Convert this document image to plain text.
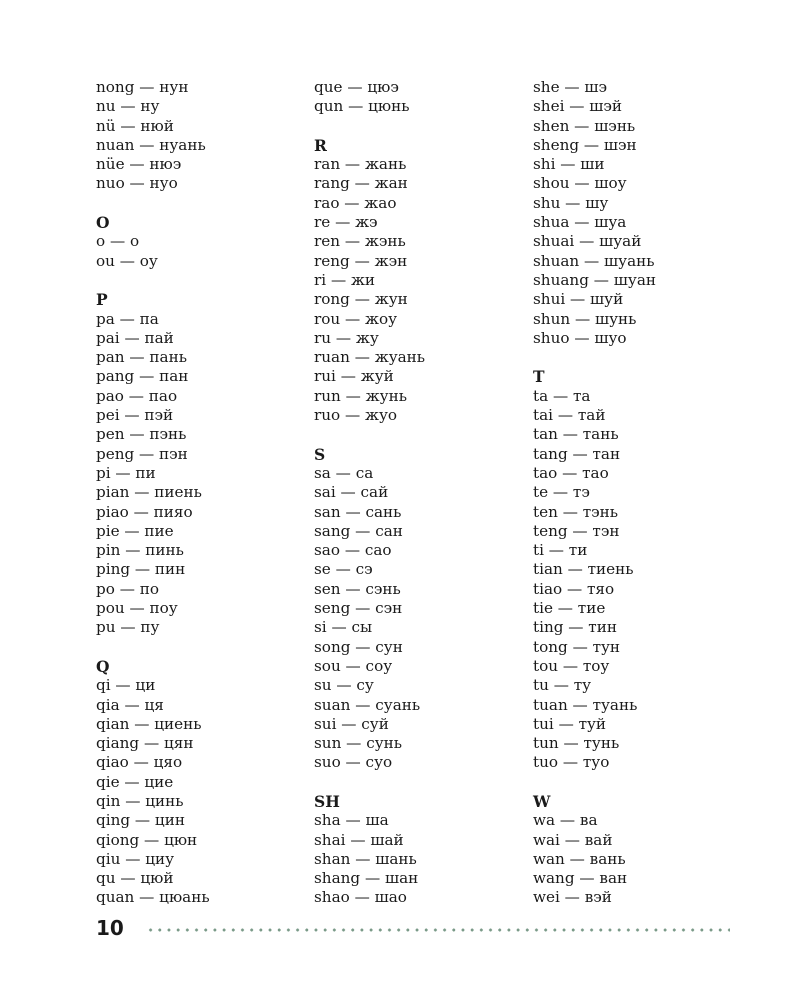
nong — нун
nu — ну
nü — нюй
nuan — нуань
nüe — нюэ
nuo — нуо
O
o — о
ou — оу
P
pa — па
pai — пай
pan — пань
pang — пан
pao — пао
pei — пэй
pen — пэнь
peng — пэн
pi — пи
pian — пиень
piao — пияо
pie — пие
pin — пинь
ping — пин
po — по
pou — поу
pu — пу
Q
qi — ци
qia — ця
qian — циень
qiang — цян
qiao — цяо
qie — цие
qin — цинь
qing — цин
qiong — цюн
qiu — циу
qu — цюй
quan — цюань
que — цюэ
qun — цюнь
R
ran — жань
rang — жан
rao — жао
re — жэ
ren — жэнь
reng — жэн
ri — жи
rong — жун
rou — жоу
ru — жу
ruan — жуань
rui — жуй
run — жунь
ruo — жуо
S
sa — са
sai — сай
san — сань
sang — сан
sao — сао
se — сэ
sen — сэнь
seng — сэн
si — сы
song — сун
sou — соу
su — су
suan — суань
sui — суй
sun — сунь
suo — суо
SH
sha — ша
shai — шай
shan — шань
shang — шан
shao — шао
she — шэ
shei — шэй
shen — шэнь
sheng — шэн
shi — ши
shou — шоу
shu — шу
shua — шуа
shuai — шуай
shuan — шуань
shuang — шуан
shui — шуй
shun — шунь
shuo — шуо
T
ta — та
tai — тай
tan — тань
tang — тан
tao — тао
te — тэ
ten — тэнь
teng — тэн
ti — ти
tian — тиень
tiao — тяо
tie — тие
ting — тин
tong — тун
tou — тоу
tu — ту
tuan — туань
tui — туй
tun — тунь
tuo — туо
W
wa — ва
wai — вай
wan — вань
wang — ван
wei — вэй
10
